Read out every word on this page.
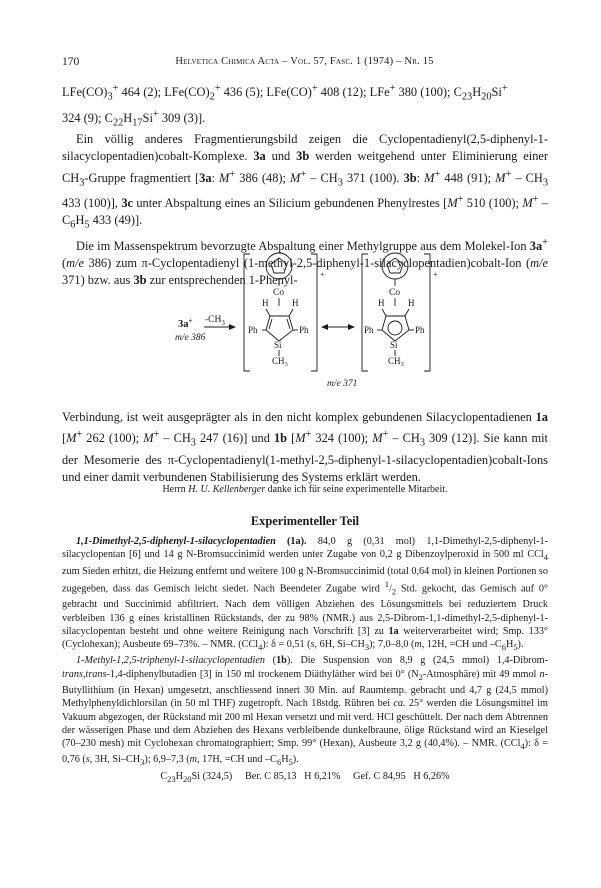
170	Helvetica Chimica Acta – Vol. 57, Fasc. 1 (1974) – Nr. 15

$LFe(CO)_3^+$ 464 (2); $LFe(CO)_2^+$ 436 (5); LFe(CO)+ 408 (12); LFe+ 380 (100); $C_{23}H_{20}Si^+$
324 (9); $C_{22}H_{17}Si^+$ 309 (3)].

Ein völlig anderes Fragmentierungsbild zeigen die Cyclopentadienyl(2,5-diphenyl-1-silacyclopentadien)cobalt-Komplexe. 3a und 3b werden weitgehend unter Eliminierung einer $CH_3$-Gruppe fragmentiert [3a: M+ 386 (48); $M^+ - CH_3$ 371 (100). 3b: M+ 448 (91); $M^+ - CH_3$ 433 (100)], 3c unter Abspaltung eines an Silicium gebundenen Phenylrestes [M+ 510 (100); $M^+ - C_6H_5$ 433 (49)].

Die im Massenspektrum bevorzugte Abspaltung einer Methylgruppe aus dem Molekel-Ion 3a+ (m/e 386) zum π-Cyclopentadienyl (1-methyl-2,5-diphenyl-1-silacyclopentadien)cobalt-Ion (m/e 371) bzw. aus 3b zur entsprechenden 1-Phenyl-

3a+
m/e 386
$-CH_3$
+
Co
H	H
Ph	Ph
Si
$CH_3$
+
Co
H	H
Ph	Ph
Si
$CH_3$
m/e 371

Verbindung, ist weit ausgeprägter als in den nicht komplex gebundenen Silacyclopentadienen 1a [M+ 262 (100); $M^+ - CH_3$ 247 (16)] und 1b [M+ 324 (100); $M^+ - CH_3$ 309 (12)]. Sie kann mit der Mesomerie des π-Cyclopentadienyl(1-methyl-2,5-diphenyl-1-silacyclopentadien)cobalt-Ions und einer damit verbundenen Stabilisierung des Systems erklärt werden.

Herrn H. U. Kellenberger danke ich für seine experimentelle Mitarbeit.
Experimenteller Teil

1,1-Dimethyl-2,5-diphenyl-1-silacyclopentadien (1a). 84,0 g (0,31 mol) 1,1-Dimethyl-2,5-diphenyl-1-silacyclopentan [6] und 14 g N-Bromsuccinimid werden unter Zugabe von 0,2 g Dibenzoylperoxid in 500 ml CCl$_4$ zum Sieden erhitzt, die Heizung entfernt und weitere 100 g N-Bromsuccinimid (total 0,64 mol) in kleinen Portionen so zugegeben, dass das Gemisch leicht siedet. Nach Beendeter Zugabe wird $^1/_2$ Std. gekocht, das Gemisch auf 0° gebracht und Succinimid abfiltriert. Nach dem völligen Abziehen des Lösungsmittels bei reduziertem Druck verbleiben 136 g eines kristallinen Rückstands, der zu 98% (NMR.) aus 2,5-Dibrom-1,1-dimethyl-2,5-diphenyl-1-silacyclopentan besteht und ohne weitere Reinigung nach Vorschrift [3] zu 1a weiterverarbeitet wird; Smp. 133° (Cyclohexan); Ausbeute 69–73%. – NMR. (CCl$_4$): δ = 0,51 (s, 6H, $Si-CH_3$); 7,0–8,0 (m, 12H, =CH und $-C_6H_5$).

1-Methyl-1,2,5-triphenyl-1-silacyclopentadien (1b). Die Suspension von 8,9 g (24,5 mmol) 1,4-Dibrom-trans,trans-1,4-diphenylbutadien [3] in 150 ml trockenem Diäthyläther wird bei 0° $(N_2-Atmosphäre)$ mit 49 mmol n-Butyllithium (in Hexan) umgesetzt, anschliessend innert 30 Min. auf Raumtemp. gebracht und 4,7 g (24,5 mmol) Methylphenyldichlorsilan (in 50 ml THF) zugetropft. Nach 18stdg. Rühren bei ca. 25° werden die Lösungsmittel im Vakuum abgezogen, der Rückstand mit 200 ml Hexan versetzt und mit verd. HCl geschüttelt. Der nach dem Abtrennen der wässerigen Phase und dem Abziehen des Hexans verbleibende dunkelbraune, ölige Rückstand wird an Kieselgel (70–230 mesh) mit Cyclohexan chromatographiert; Smp. 99° (Hexan), Ausbeute 3,2 g (40,4%). – NMR. (CCl$_4$): δ = 0,76 (s, 3H, $Si-CH_3$); 6,9–7,3 (m, 17H, =CH und $-C_6H_5$).

$C_{23}H_{20}Si$ (324,5)     Ber. C 85,13   H 6,21%     Gef. C 84,95   H 6,26%
